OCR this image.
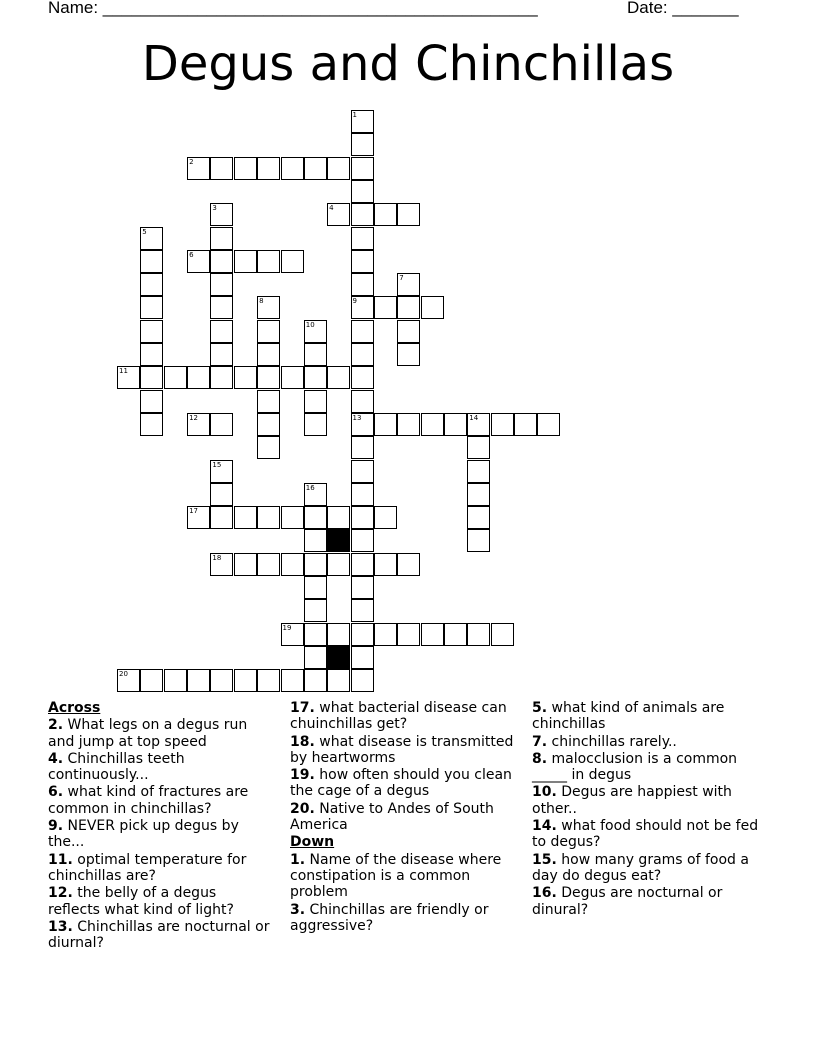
Name: ______________________________________________	Date: _______
Degus and Chinchillas
1
2
3	4
5
6
7
8	9
10
11
12	13	14
15
16
17
18
19
20
Across
2. What legs on a degus run and jump at top speed
4. Chinchillas teeth continuously...
6. what kind of fractures are common in chinchillas?
9. NEVER pick up degus by the...
11. optimal temperature for chinchillas are?
12. the belly of a degus reflects what kind of light?
13. Chinchillas are nocturnal or diurnal?
17. what bacterial disease can chuinchillas get?
18. what disease is transmitted by heartworms
19. how often should you clean the cage of a degus
20. Native to Andes of South America
Down
1. Name of the disease where constipation is a common problem
3. Chinchillas are friendly or aggressive?
5. what kind of animals are chinchillas
7. chinchillas rarely..
8. malocclusion is a common _____ in degus
10. Degus are happiest with other..
14. what food should not be fed to degus?
15. how many grams of food a day do degus eat?
16. Degus are nocturnal or dinural?
